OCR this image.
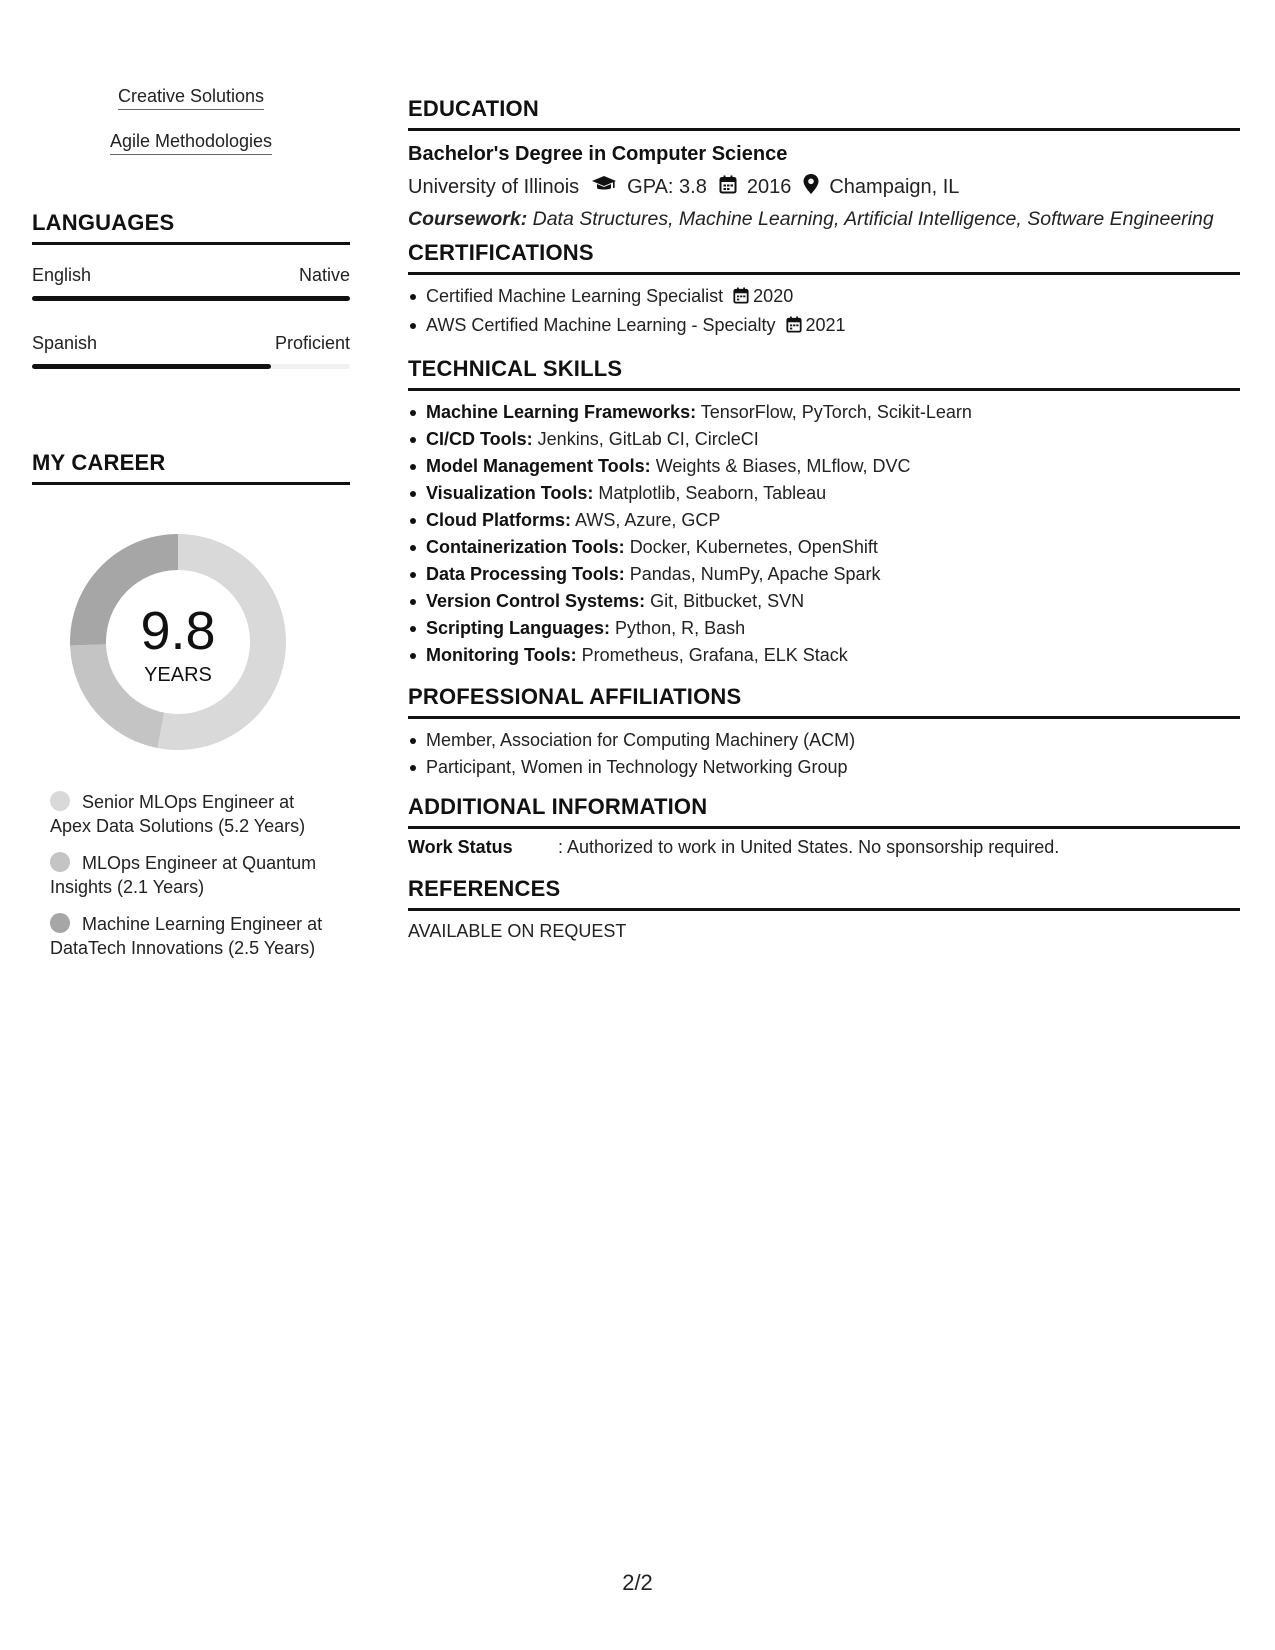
Creative Solutions
Agile Methodologies
LANGUAGES
English	Native
Spanish	Proficient
MY CAREER
9.8
YEARS
Senior MLOps Engineer at Apex Data Solutions (5.2 Years)
MLOps Engineer at Quantum Insights (2.1 Years)
Machine Learning Engineer at DataTech Innovations (2.5 Years)
EDUCATION
Bachelor's Degree in Computer Science
University of Illinois GPA: 3.8 2016 Champaign, IL
Coursework: Data Structures, Machine Learning, Artificial Intelligence, Software Engineering
CERTIFICATIONS
Certified Machine Learning Specialist 2020
AWS Certified Machine Learning - Specialty 2021
TECHNICAL SKILLS
Machine Learning Frameworks: TensorFlow, PyTorch, Scikit-Learn
CI/CD Tools: Jenkins, GitLab CI, CircleCI
Model Management Tools: Weights & Biases, MLflow, DVC
Visualization Tools: Matplotlib, Seaborn, Tableau
Cloud Platforms: AWS, Azure, GCP
Containerization Tools: Docker, Kubernetes, OpenShift
Data Processing Tools: Pandas, NumPy, Apache Spark
Version Control Systems: Git, Bitbucket, SVN
Scripting Languages: Python, R, Bash
Monitoring Tools: Prometheus, Grafana, ELK Stack
PROFESSIONAL AFFILIATIONS
Member, Association for Computing Machinery (ACM)
Participant, Women in Technology Networking Group
ADDITIONAL INFORMATION
Work Status	: Authorized to work in United States. No sponsorship required.
REFERENCES
AVAILABLE ON REQUEST
2/2
